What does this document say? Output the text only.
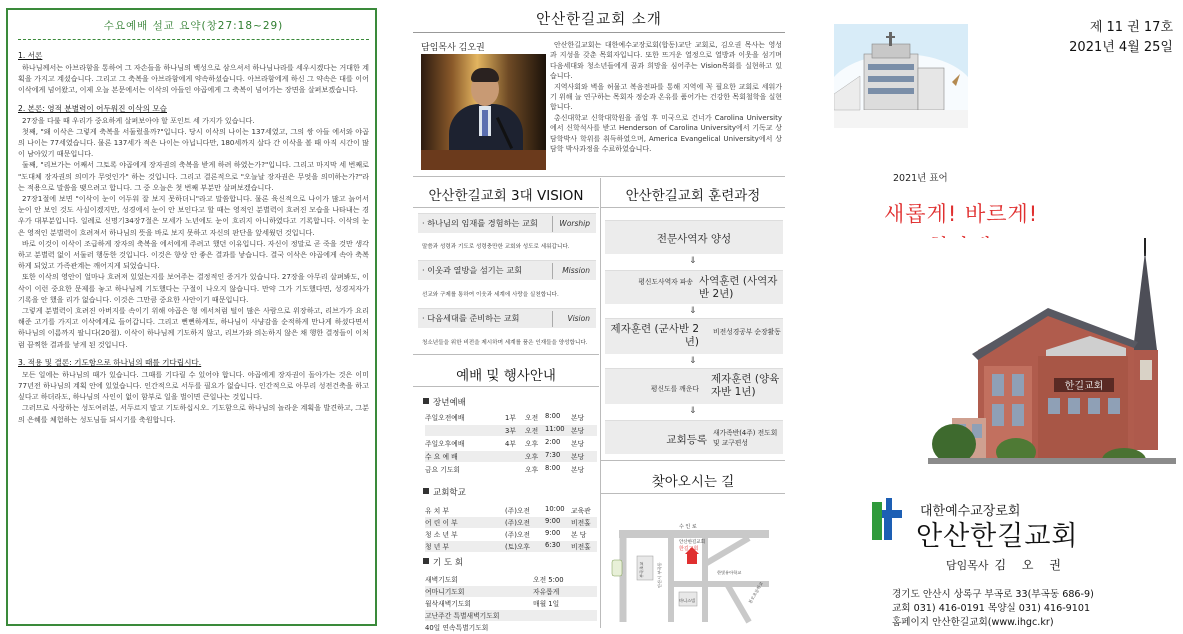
수요예배 설교 요약(창27:18~29)
1. 서론

하나님께서는 아브라함을 통하여 그 자손들을 하나님의 백성으로 삼으셔서 하나님나라를 세우시겠다는 거대한 계획을 가지고 계셨습니다. 그리고 그 축복을 아브라함에게 약속하셨습니다. 아브라함에게 하신 그 약속은 대를 이어 이삭에게 넘어왔고, 이제 오늘 본문에서는 이삭의 아들인 야곱에게 그 축복이 넘어가는 장면을 살펴보겠습니다.

2. 본론: 영적 분별력이 어두워진 이삭의 모습

27장을 다룰 때 우리가 중요하게 살펴보아야 할 포인트 세 가지가 있습니다.

첫째, "왜 이삭은 그렇게 축복을 서둘렀을까?"입니다. 당시 이삭의 나이는 137세였고, 그의 쌍 아들 에서와 야곱의 나이는 77세였습니다. 물론 137세가 적은 나이는 아닙니다만, 180세까지 살다 간 이삭을 볼 때 아직 시간이 많이 남아있기 때문입니다.

둘째, "리브가는 어째서 그토록 야곱에게 장자권의 축복을 받게 하려 하였는가?"입니다. 그리고 마지막 세 번째로 "도대체 장자권의 의미가 무엇인가" 하는 것입니다. 그리고 결론적으로 "오늘날 장자권은 무엇을 의미하는가?"라는 적용으로 말씀을 맺으려고 합니다. 그 중 오늘은 첫 번째 부분만 살펴보겠습니다.

27장1절에 보면 "이삭이 눈이 어두워 잘 보지 못하더니"라고 말씀합니다. 물론 육신적으로 나이가 많고 늙어서 눈이 안 보인 것도 사실이겠지만, 성경에서 눈이 안 보인다고 할 때는 영적인 분별력이 흐려진 모습을 나타내는 경우가 대부분입니다. 일례로 신명기34장7절은 모세가 노년에도 눈이 흐리지 아니하였다고 기록합니다. 이삭의 눈은 영적인 분별력이 흐려져서 하나님의 뜻을 바로 보지 못하고 자신의 판단을 앞세웠던 것입니다.

바로 이것이 이삭이 조급하게 장자의 축복을 에서에게 주려고 했던 이유입니다. 자신이 정말로 곧 죽을 것만 생각하고 분별력 없이 서둘러 행동한 것입니다. 이것은 향상 안 좋은 결과를 낳습니다. 결국 이삭은 야곱에게 속아 축복하게 되었고 가족관계는 깨어지게 되었습니다.

또한 이삭의 영안이 얼마나 흐려져 있었는지를 보여주는 결정적인 증거가 있습니다. 27장을 아무리 살펴봐도, 이삭이 이런 중요한 문제를 놓고 하나님께 기도했다는 구절이 나오지 않습니다. 만약 그가 기도했다면, 성경저자가 기록을 안 했을 리가 없습니다. 이것은 그만큼 중요한 사안이기 때문입니다.

그렇게 분별력이 흐려진 아버지를 속이기 위해 야곱은 형 에서처럼 털이 많은 사람으로 위장하고, 리브가가 요리해준 고기를 가지고 이삭에게로 들어갑니다. 그리고 뻔뻔하게도, 하나님이 사냥감을 순적하게 만나게 하셨다면서 하나님의 이름까지 팔니다(20절). 이삭이 하나님께 기도하지 않고, 리브가와 의논하지 않은 채 행한 결정들이 이처럼 끔찍한 결과를 낳게 된 것입니다.

3. 적용 및 결론: 기도함으로 하나님의 때를 기다립시다.

모든 일에는 하나님의 때가 있습니다. 그때를 기다릴 수 있어야 합니다. 야곱에게 장자권이 돌아가는 것은 이미 77년전 하나님의 계획 안에 있었습니다. 인간적으로 서두를 필요가 없습니다. 인간적으로 아무리 성전건축을 하고 싶다고 하더라도, 하나님의 사인이 없이 함부로 일을 벌이면 큰일나는 것입니다.

그러므로 사랑하는 성도여러분, 서두르지 말고 기도하십시오. 기도함으로 하나님의 놀라운 계획을 발견하고, 그분의 은혜를 체험하는 성도님들 되시기를 축원합니다.

안산한길교회 소개
담임목사 김오권	안산한길교회는 대한예수교장로회(합동)교단 교회로, 김오권 목사는 영성과 지성을 갖춘 목회자입니다. 또한 뜨거운 열정으로 열방과 이웃을 섬기며 다음세대와 청소년들에게 꿈과 희망을 심어주는 Vision목회를 실현하고 있습니다.

지역사회와 벽을 허물고 복음전파를 통해 지역에 꼭 필요한 교회로 세워가기 위해 늘 연구하는 목회자 정순과 온유를 품어가는 건강한 목회철학을 실현합니다.

총신대학교 신학대학원을 졸업 후 미국으로 건너가 Carolina University에서 신학석사를 받고 Henderson of Carolina University에서 기독교 상담학박사 학위를 취득하였으며, America Evangelical University에서 상담학 박사과정을 수료하였습니다.

안산한길교회 3대 VISION
· 하나님의 임재를 경험하는 교회	Worship
말씀과 성령과 기도로 성령충만한 교회와 성도로 세워갑니다.
· 이웃과 열방을 섬기는 교회	Mission
선교와 구제를 통하여 이웃과 세계에 사랑을 실천합니다.
· 다음세대를 준비하는 교회	Vision
청소년들을 위한 비전을 제시하며 세계를 품은 인재들을 양성합니다.
안산한길교회 훈련과정
전문사역자 양성
⇓
평신도사역자 파송 사역훈련 (사역자반 2년)
⇓
제자훈련 (군사반 2년)
비전성경공부 순장활동
⇓
평신도를 깨운다
제자훈련 (양육자반 1년)
⇓
교회등록
새가족반(4주) 전도회 및 교구편성
예배 및 행사안내
장년예배
주일오전예배	1부 오전 8:00 본당
3부 오전 11:00 본당
주일오후예배	4부 오후 2:00 본당
수 요 예 배	오후 7:30 본당
금요 기도회	오후 8:00 본당
교회학교
유 치 부	(주)오전 10:00 교육관
어 린 이 부	(주)오전 9:00 비전홀
청 소 년 부	(주)오전 9:00 본 당
청 년 부	(토)오후 6:30 비전홀
기 도 회
새벽기도회	오전 5:00
여마니기도회	자유롭게
월삭새벽기도회	매월 1일
고난주간 특별새벽기도회
40일 연속특별기도회
찾아오시는 길
수 인 로
안산한길교회
한길교회
부곡초교	안산시 부곡동
마니스빌
한빛유아학교
본오초등학교
제 11 권 17호
2021년 4월 25일
2021년 표어
새롭게! 바르게!
한길교회
대한예수교장로회
안산한길교회
담임목사 김 오 권
경기도 안산시 상록구 부곡로 33(부곡동 686-9)
교회 031) 416-0191 목양실 031) 416-9101
홈페이지 안산한길교회(www.ihgc.kr)
